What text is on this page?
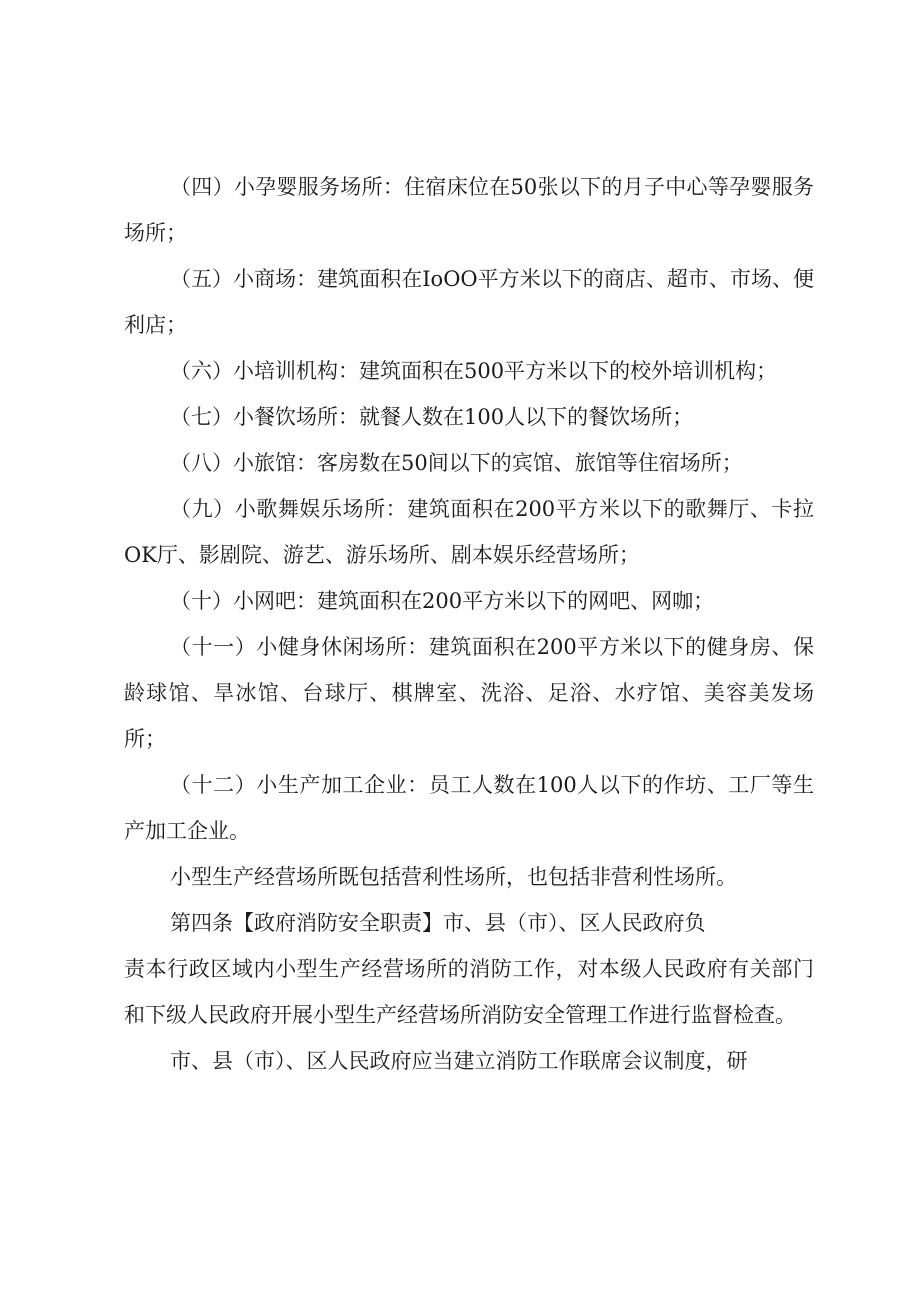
（四）小孕婴服务场所：住宿床位在50张以下的月子中心等孕婴服务场所；

（五）小商场：建筑面积在IoOO平方米以下的商店、超市、市场、便利店；

（六）小培训机构：建筑面积在500平方米以下的校外培训机构；

（七）小餐饮场所：就餐人数在100人以下的餐饮场所；

（八）小旅馆：客房数在50间以下的宾馆、旅馆等住宿场所；

（九）小歌舞娱乐场所：建筑面积在200平方米以下的歌舞厅、卡拉OK厅、影剧院、游艺、游乐场所、剧本娱乐经营场所；

（十）小网吧：建筑面积在200平方米以下的网吧、网咖；

（十一）小健身休闲场所：建筑面积在200平方米以下的健身房、保龄球馆、旱冰馆、台球厅、棋牌室、洗浴、足浴、水疗馆、美容美发场所；

（十二）小生产加工企业：员工人数在100人以下的作坊、工厂等生产加工企业。

小型生产经营场所既包括营利性场所，也包括非营利性场所。

第四条【政府消防安全职责】市、县（市）、区人民政府负

责本行政区域内小型生产经营场所的消防工作，对本级人民政府有关部门和下级人民政府开展小型生产经营场所消防安全管理工作进行监督检查。

市、县（市）、区人民政府应当建立消防工作联席会议制度，研
